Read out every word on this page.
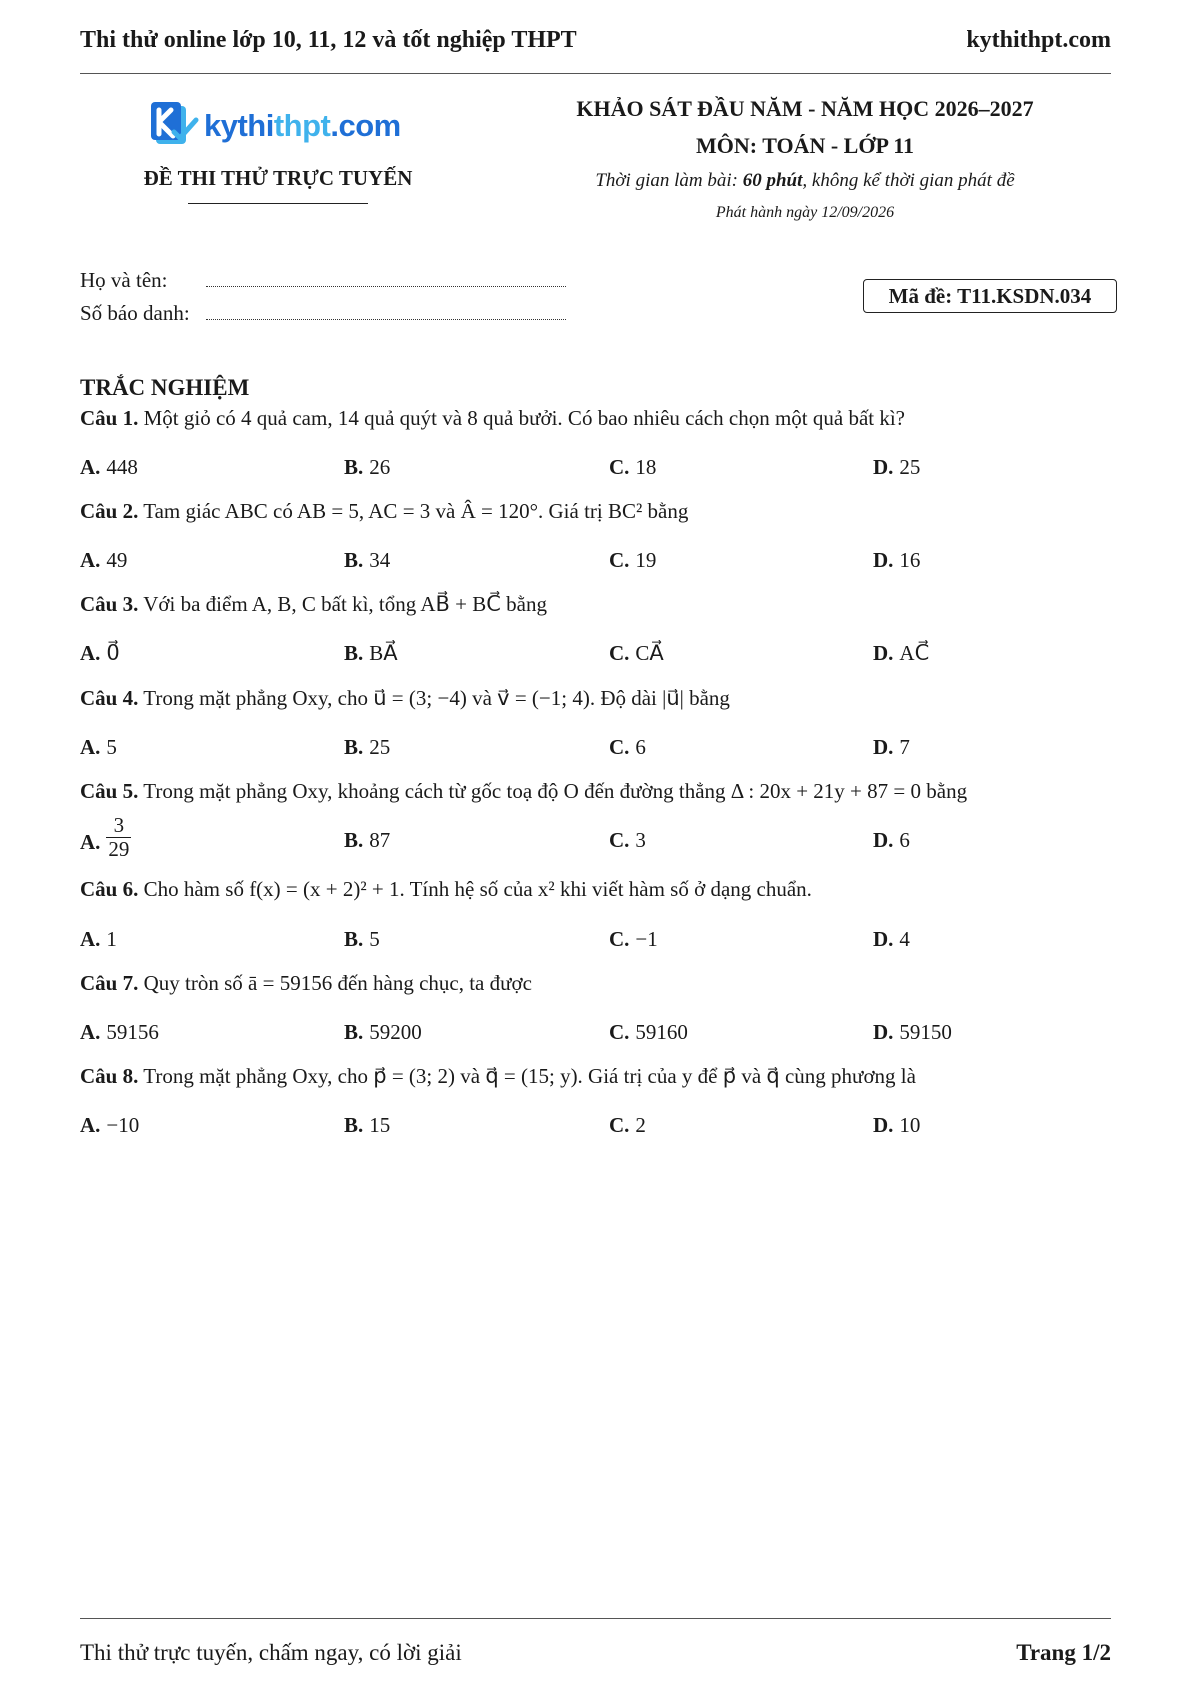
Thi thử online lớp 10, 11, 12 và tốt nghiệp THPT	kythithpt.com
kythithpt.com
ĐỀ THI THỬ TRỰC TUYẾN
KHẢO SÁT ĐẦU NĂM - NĂM HỌC 2026–2027
MÔN: TOÁN - LỚP 11
Thời gian làm bài: 60 phút, không kể thời gian phát đề
Phát hành ngày 12/09/2026
Họ và tên:
Số báo danh:
Mã đề: T11.KSDN.034
TRẮC NGHIỆM
Câu 1. Một giỏ có 4 quả cam, 14 quả quýt và 8 quả bưởi. Có bao nhiêu cách chọn một quả bất kì?
A. 448	B. 26	C. 18	D. 25
Câu 2. Tam giác ABC có AB = 5, AC = 3 và Â = 120°. Giá trị BC² bằng
A. 49	B. 34	C. 19	D. 16
Câu 3. Với ba điểm A, B, C bất kì, tổng AB⃗ + BC⃗ bằng
A. 0⃗	B. BA⃗	C. CA⃗	D. AC⃗
Câu 4. Trong mặt phẳng Oxy, cho u⃗ = (3; −4) và v⃗ = (−1; 4). Độ dài |u⃗| bằng
A. 5	B. 25	C. 6	D. 7
Câu 5. Trong mặt phẳng Oxy, khoảng cách từ gốc toạ độ O đến đường thẳng Δ : 20x + 21y + 87 = 0 bằng
A. $\frac{3}{29}$	B. 87	C. 3	D. 6
Câu 6. Cho hàm số f(x) = (x + 2)² + 1. Tính hệ số của x² khi viết hàm số ở dạng chuẩn.
A. 1	B. 5	C. −1	D. 4
Câu 7. Quy tròn số ā = 59156 đến hàng chục, ta được
A. 59156	B. 59200	C. 59160	D. 59150
Câu 8. Trong mặt phẳng Oxy, cho p⃗ = (3; 2) và q⃗ = (15; y). Giá trị của y để p⃗ và q⃗ cùng phương là
A. −10	B. 15	C. 2	D. 10
Thi thử trực tuyến, chấm ngay, có lời giải	Trang 1/2
